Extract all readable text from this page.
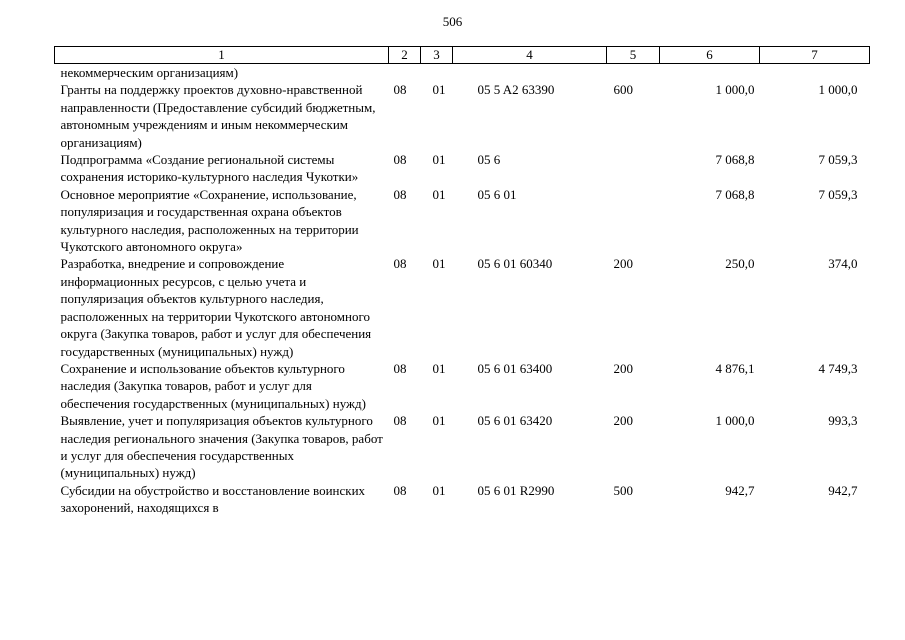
506
1	2	3	4	5	6	7
некоммерческим организациям)						
Гранты на поддержку проектов духовно-нравственной направленности (Предоставление субсидий бюджетным, автономным учреждениям и иным некоммерческим организациям)	08	01	05 5 A2 63390	600	1 000,0	1 000,0
Подпрограмма «Создание региональной системы сохранения историко-культурного наследия Чукотки»	08	01	05 6		7 068,8	7 059,3
Основное мероприятие «Сохранение, использование, популяризация и государственная охрана объектов культурного наследия, расположенных на территории Чукотского автономного округа»	08	01	05 6 01		7 068,8	7 059,3
Разработка, внедрение и сопровождение информационных ресурсов, с целью учета и популяризация объектов культурного наследия, расположенных на территории Чукотского автономного округа (Закупка товаров, работ и услуг для обеспечения государственных (муниципальных) нужд)	08	01	05 6 01 60340	200	250,0	374,0
Сохранение и использование объектов культурного наследия (Закупка товаров, работ и услуг для обеспечения государственных (муниципальных) нужд)	08	01	05 6 01 63400	200	4 876,1	4 749,3
Выявление, учет и популяризация объектов культурного наследия регионального значения (Закупка товаров, работ и услуг для обеспечения государственных (муниципальных) нужд)	08	01	05 6 01 63420	200	1 000,0	993,3
Субсидии на обустройство и восстановление воинских захоронений, находящихся в	08	01	05 6 01 R2990	500	942,7	942,7
